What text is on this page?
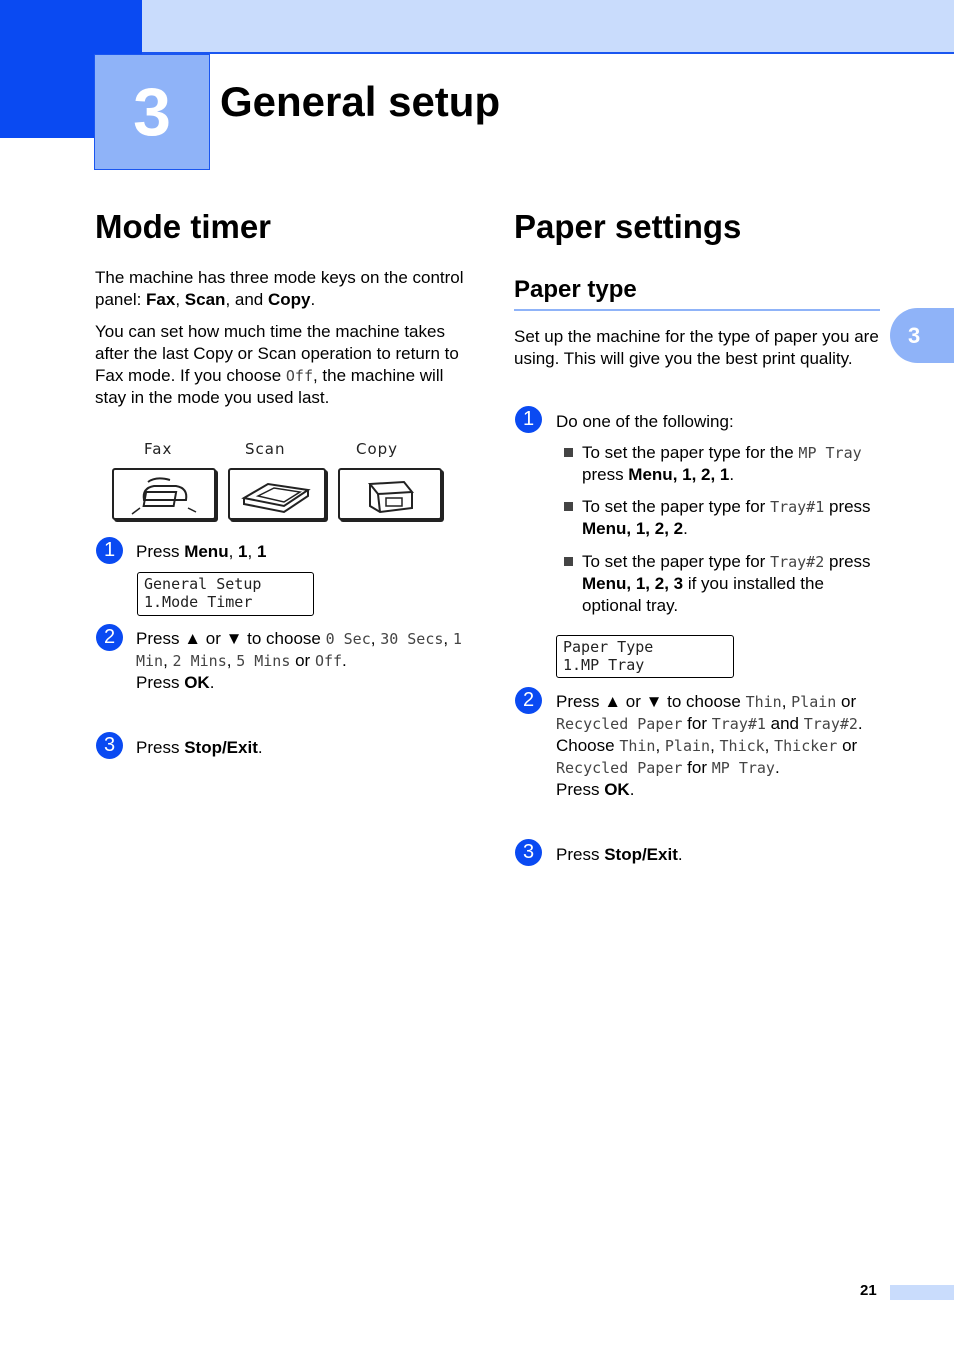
3	General setup
3
21
Mode timer

The machine has three mode keys on the control panel: Fax, Scan, and Copy.

You can set how much time the machine takes after the last Copy or Scan operation to return to Fax mode. If you choose Off, the machine will stay in the mode you used last.

Fax	Scan	Copy
1	Press Menu, 1, 1

General Setup
1.Mode Timer
2	Press ▲ or ▼ to choose 0 Sec, 30 Secs, 1 Min, 2 Mins, 5 Mins or Off.

Press OK.

3	Press Stop/Exit.

Paper settings
Paper type

Set up the machine for the type of paper you are using. This will give you the best print quality.

1	Do one of the following:

To set the paper type for the MP Tray press Menu, 1, 2, 1.

To set the paper type for Tray#1 press Menu, 1, 2, 2.

To set the paper type for Tray#2 press Menu, 1, 2, 3 if you installed the optional tray.

Paper Type
1.MP Tray
2	Press ▲ or ▼ to choose Thin, Plain or Recycled Paper for Tray#1 and Tray#2. Choose Thin, Plain, Thick, Thicker or Recycled Paper for MP Tray.

Press OK.

3	Press Stop/Exit.
